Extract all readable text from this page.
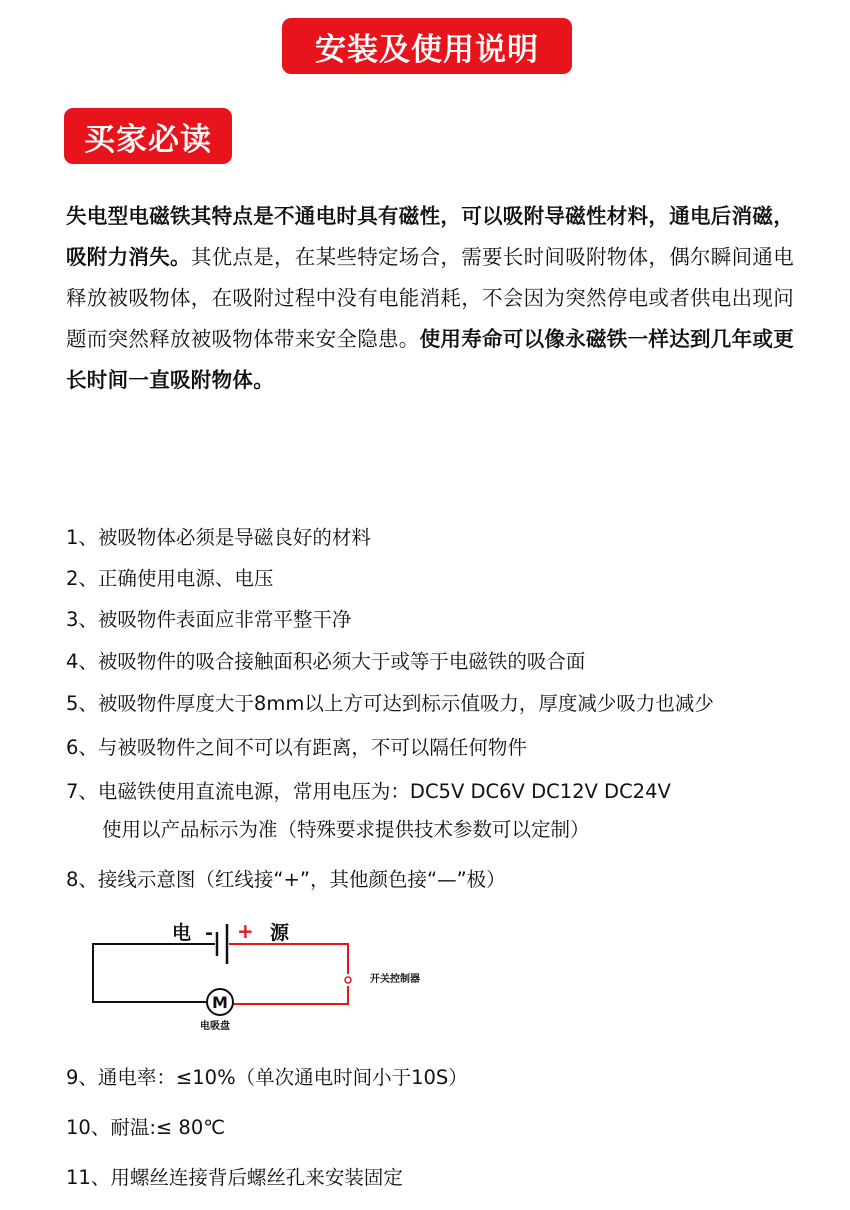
安装及使用说明
买家必读
失电型电磁铁其特点是不通电时具有磁性，可以吸附导磁性材料，通电后消磁，吸附力消失。其优点是，在某些特定场合，需要长时间吸附物体，偶尔瞬间通电释放被吸物体，在吸附过程中没有电能消耗，不会因为突然停电或者供电出现问题而突然释放被吸物体带来安全隐患。使用寿命可以像永磁铁一样达到几年或更长时间一直吸附物体。
1、被吸物体必须是导磁良好的材料
2、正确使用电源、电压
3、被吸物件表面应非常平整干净
4、被吸物件的吸合接触面积必须大于或等于电磁铁的吸合面
5、被吸物件厚度大于8mm以上方可达到标示值吸力，厚度减少吸力也减少
6、与被吸物件之间不可以有距离，不可以隔任何物件
7、电磁铁使用直流电源，常用电压为：DC5V DC6V DC12V DC24V
使用以产品标示为准（特殊要求提供技术参数可以定制）
8、接线示意图（红线接“+”，其他颜色接“—”极）
9、通电率：≤10%（单次通电时间小于10S）
10、耐温:≤ 80℃
11、用螺丝连接背后螺丝孔来安装固定
开关控制器
电 - + 源
M
电吸盘
